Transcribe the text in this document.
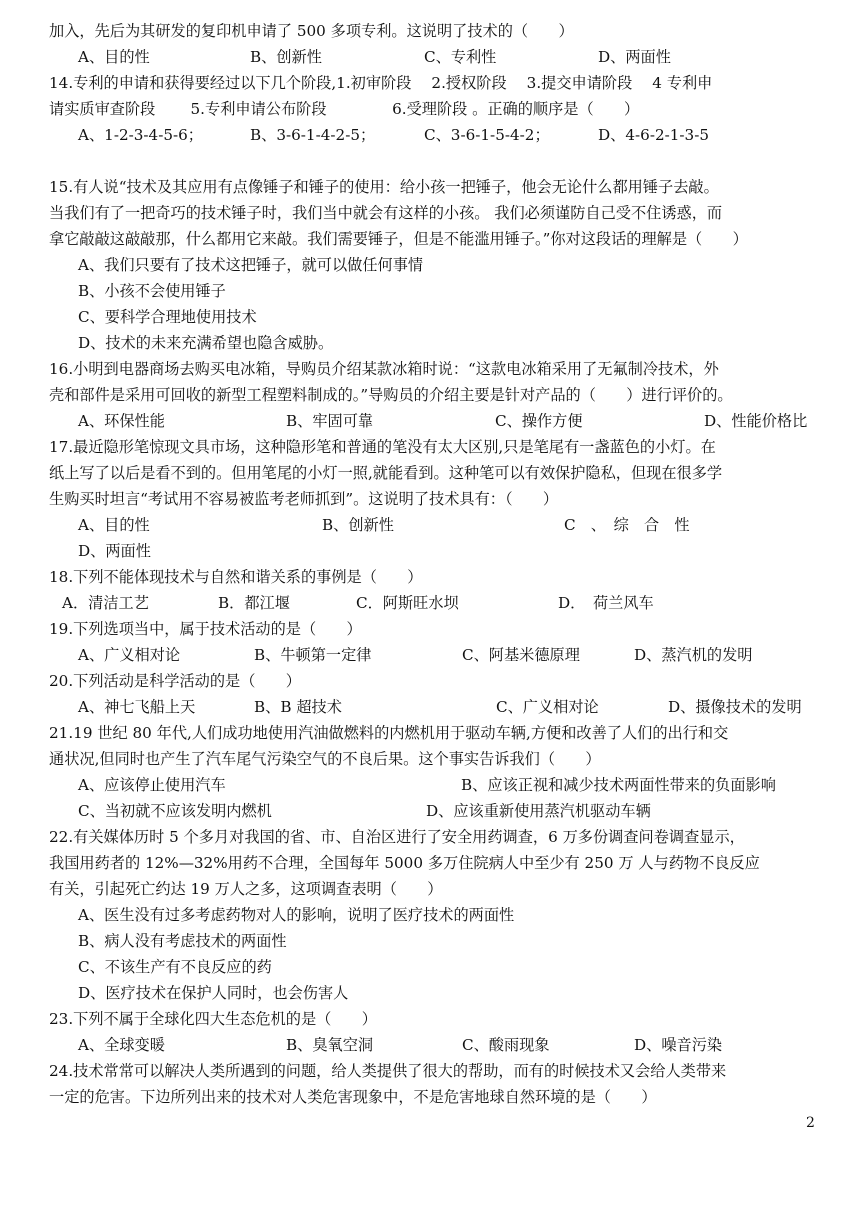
加入，先后为其研发的复印机申请了 500 多项专利。这说明了技术的（　　）
A、目的性	B、创新性	C、专利性	D、两面性
14.专利的申请和获得要经过以下几个阶段,1.初审阶段　 2.授权阶段　 3.提交申请阶段　 4 专利申
请实质审查阶段　　 5.专利申请公布阶段　　　　 6.受理阶段 。正确的顺序是（　　）
A、1-2-3-4-5-6；	B、3-6-1-4-2-5；	C、3-6-1-5-4-2；	D、4-6-2-1-3-5
15.有人说“技术及其应用有点像锤子和锤子的使用：给小孩一把锤子，他会无论什么都用锤子去敲。
当我们有了一把奇巧的技术锤子时，我们当中就会有这样的小孩。 我们必须谨防自己受不住诱惑，而
拿它敲敲这敲敲那，什么都用它来敲。我们需要锤子，但是不能滥用锤子。”你对这段话的理解是（　　）
A、我们只要有了技术这把锤子，就可以做任何事情
B、小孩不会使用锤子
C、要科学合理地使用技术
D、技术的未来充满希望也隐含威胁。
16.小明到电器商场去购买电冰箱，导购员介绍某款冰箱时说：“这款电冰箱采用了无氟制冷技术，外
壳和部件是采用可回收的新型工程塑料制成的。”导购员的介绍主要是针对产品的（　　）进行评价的。
A、环保性能	B、牢固可靠	C、操作方便	D、性能价格比
17.最近隐形笔惊现文具市场，这种隐形笔和普通的笔没有太大区别,只是笔尾有一盏蓝色的小灯。在
纸上写了以后是看不到的。但用笔尾的小灯一照,就能看到。这种笔可以有效保护隐私，但现在很多学
生购买时坦言“考试用不容易被监考老师抓到”。这说明了技术具有：（　　）
A、目的性	B、创新性	C　、　综　合　性
D、两面性
18.下列不能体现技术与自然和谐关系的事例是（　　）
A．清洁工艺	B．都江堰	C．阿斯旺水坝	D．　荷兰风车
19.下列选项当中，属于技术活动的是（　　）
A、广义相对论	B、牛顿第一定律	C、阿基米德原理	D、蒸汽机的发明
20.下列活动是科学活动的是（　　）
A、神七飞船上天	B、B 超技术	C、广义相对论	D、摄像技术的发明
21.19 世纪 80 年代,人们成功地使用汽油做燃料的内燃机用于驱动车辆,方便和改善了人们的出行和交
通状况,但同时也产生了汽车尾气污染空气的不良后果。这个事实告诉我们（　　）
A、应该停止使用汽车	B、应该正视和减少技术两面性带来的负面影响
C、当初就不应该发明内燃机	D、应该重新使用蒸汽机驱动车辆
22.有关媒体历时 5 个多月对我国的省、市、自治区进行了安全用药调查，6 万多份调查问卷调查显示，
我国用药者的 12%—32%用药不合理，全国每年 5000 多万住院病人中至少有 250 万 人与药物不良反应
有关，引起死亡约达 19 万人之多，这项调查表明（　　）
A、医生没有过多考虑药物对人的影响，说明了医疗技术的两面性
B、病人没有考虑技术的两面性
C、不该生产有不良反应的药
D、医疗技术在保护人同时，也会伤害人
23.下列不属于全球化四大生态危机的是（　　）
A、全球变暖	B、臭氧空洞	C、酸雨现象	D、噪音污染
24.技术常常可以解决人类所遇到的问题，给人类提供了很大的帮助，而有的时候技术又会给人类带来
一定的危害。下边所列出来的技术对人类危害现象中，不是危害地球自然环境的是（　　）
2
